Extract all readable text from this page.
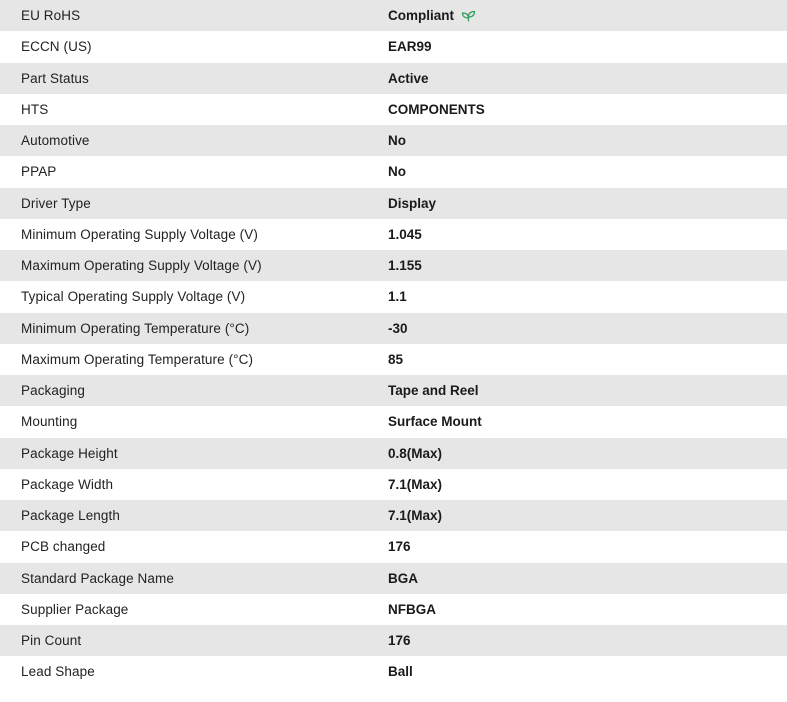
EU RoHS	Compliant
ECCN (US)	EAR99
Part Status	Active
HTS	COMPONENTS
Automotive	No
PPAP	No
Driver Type	Display
Minimum Operating Supply Voltage (V)	1.045
Maximum Operating Supply Voltage (V)	1.155
Typical Operating Supply Voltage (V)	1.1
Minimum Operating Temperature (°C)	-30
Maximum Operating Temperature (°C)	85
Packaging	Tape and Reel
Mounting	Surface Mount
Package Height	0.8(Max)
Package Width	7.1(Max)
Package Length	7.1(Max)
PCB changed	176
Standard Package Name	BGA
Supplier Package	NFBGA
Pin Count	176
Lead Shape	Ball
